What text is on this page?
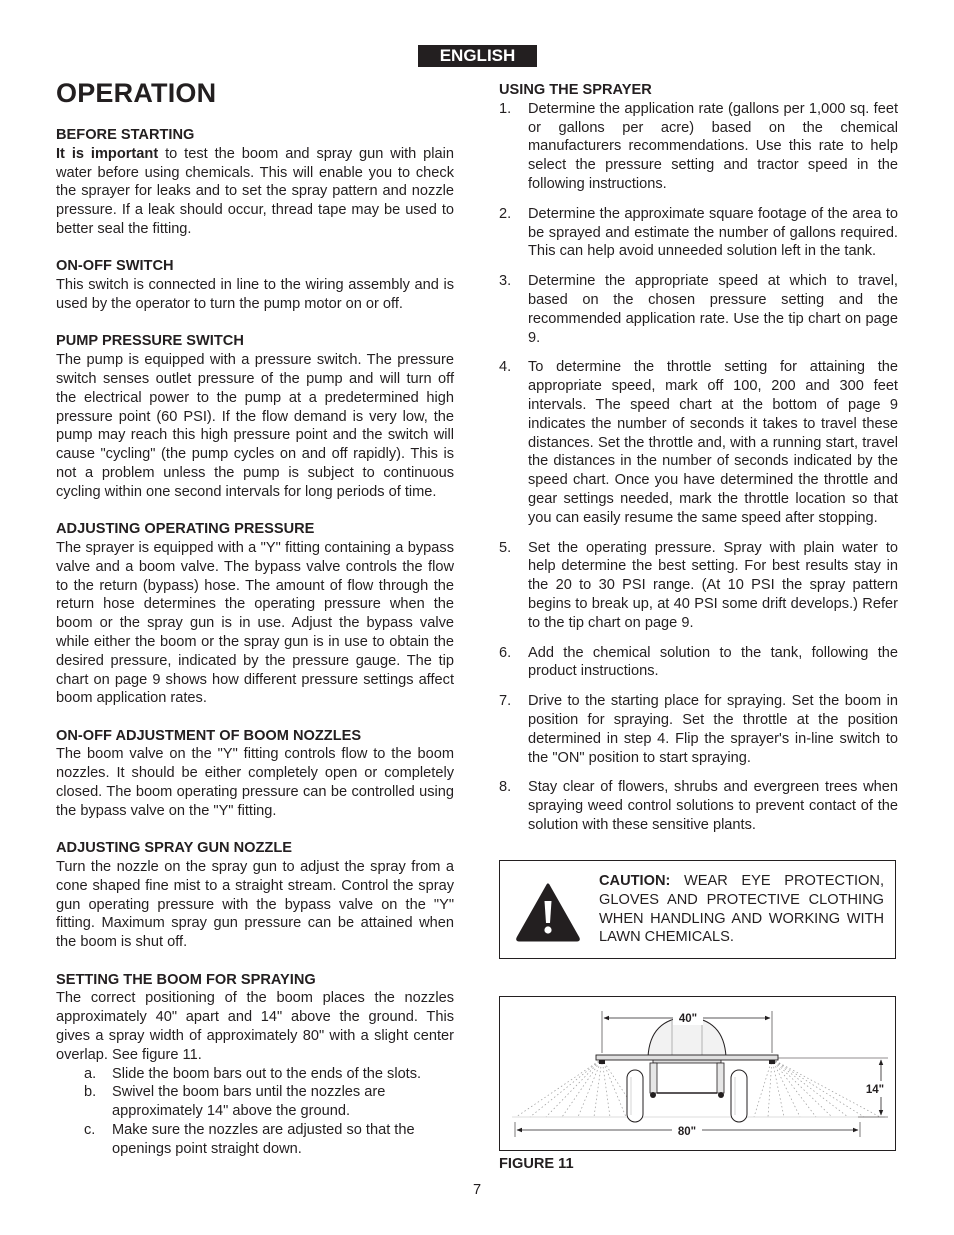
ENGLISH
OPERATION
BEFORE STARTING

It is important to test the boom and spray gun with plain water before using chemicals. This will enable you to check the sprayer for leaks and to set the spray pattern and nozzle pressure. If a leak should occur, thread tape may be used to better seal the fitting.

ON-OFF SWITCH

This switch is connected in line to the wiring assembly and is used by the operator to turn the pump motor on or off.

PUMP PRESSURE SWITCH

The pump is equipped with a pressure switch. The pressure switch senses outlet pressure of the pump and will turn off the electrical power to the pump at a predetermined high pressure point (60 PSI). If the flow demand is very low, the pump may reach this high pressure point and the switch will cause "cycling" (the pump cycles on and off rapidly). This is not a problem unless the pump is subject to continuous cycling within one second intervals for long periods of time.

ADJUSTING OPERATING PRESSURE

The sprayer is equipped with a "Y" fitting containing a bypass valve and a boom valve. The bypass valve controls the flow to the return (bypass) hose. The amount of flow through the return hose determines the operating pressure when the boom or the spray gun is in use. Adjust the bypass valve while either the boom or the spray gun is in use to obtain the desired pressure, indicated by the pressure gauge. The tip chart on page 9 shows how different pressure settings affect boom application rates.

ON-OFF ADJUSTMENT OF BOOM NOZZLES

The boom valve on the "Y" fitting controls flow to the boom nozzles. It should be either completely open or completely closed. The boom operating pressure can be controlled using the bypass valve on the "Y" fitting.

ADJUSTING SPRAY GUN NOZZLE

Turn the nozzle on the spray gun to adjust the spray from a cone shaped fine mist to a straight stream. Control the spray gun operating pressure with the bypass valve on the "Y" fitting. Maximum spray gun pressure can be attained when the boom is shut off.

SETTING THE BOOM FOR SPRAYING

The correct positioning of the boom places the nozzles approximately 40" apart and 14" above the ground. This gives a spray width of approximately 80" with a slight center overlap. See figure 11.

a. Slide the boom bars out to the ends of the slots.
b. Swivel the boom bars until the nozzles are approximately 14" above the ground.
c. Make sure the nozzles are adjusted so that the openings point straight down.
USING THE SPRAYER
1. Determine the application rate (gallons per 1,000 sq. feet or gallons per acre) based on the chemical manufacturers recommendations. Use this rate to help select the pressure setting and tractor speed in the following instructions.
2. Determine the approximate square footage of the area to be sprayed and estimate the number of gallons required. This can help avoid unneeded solution left in the tank.
3. Determine the appropriate speed at which to travel, based on the chosen pressure setting and the recommended application rate. Use the tip chart on page 9.
4. To determine the throttle setting for attaining the appropriate speed, mark off 100, 200 and 300 feet intervals. The speed chart at the bottom of page 9 indicates the number of seconds it takes to travel these distances. Set the throttle and, with a running start, travel the distances in the number of seconds indicated by the speed chart. Once you have determined the throttle and gear settings needed, mark the throttle location so that you can easily resume the same speed after stopping.
5. Set the operating pressure. Spray with plain water to help determine the best setting. For best results stay in the 20 to 30 PSI range. (At 10 PSI the spray pattern begins to break up, at 40 PSI some drift develops.) Refer to the tip chart on page 9.
6. Add the chemical solution to the tank, following the product instructions.
7. Drive to the starting place for spraying. Set the boom in position for spraying. Set the throttle at the position determined in step 4. Flip the sprayer's in-line switch to the "ON" position to start spraying.
8. Stay clear of flowers, shrubs and evergreen trees when spraying weed control solutions to prevent contact of the solution with these sensitive plants.
CAUTION: WEAR EYE PROTECTION, GLOVES AND PROTECTIVE CLOTHING WHEN HANDLING AND WORKING WITH LAWN CHEMICALS.
40"
14"
80"
FIGURE 11
7
